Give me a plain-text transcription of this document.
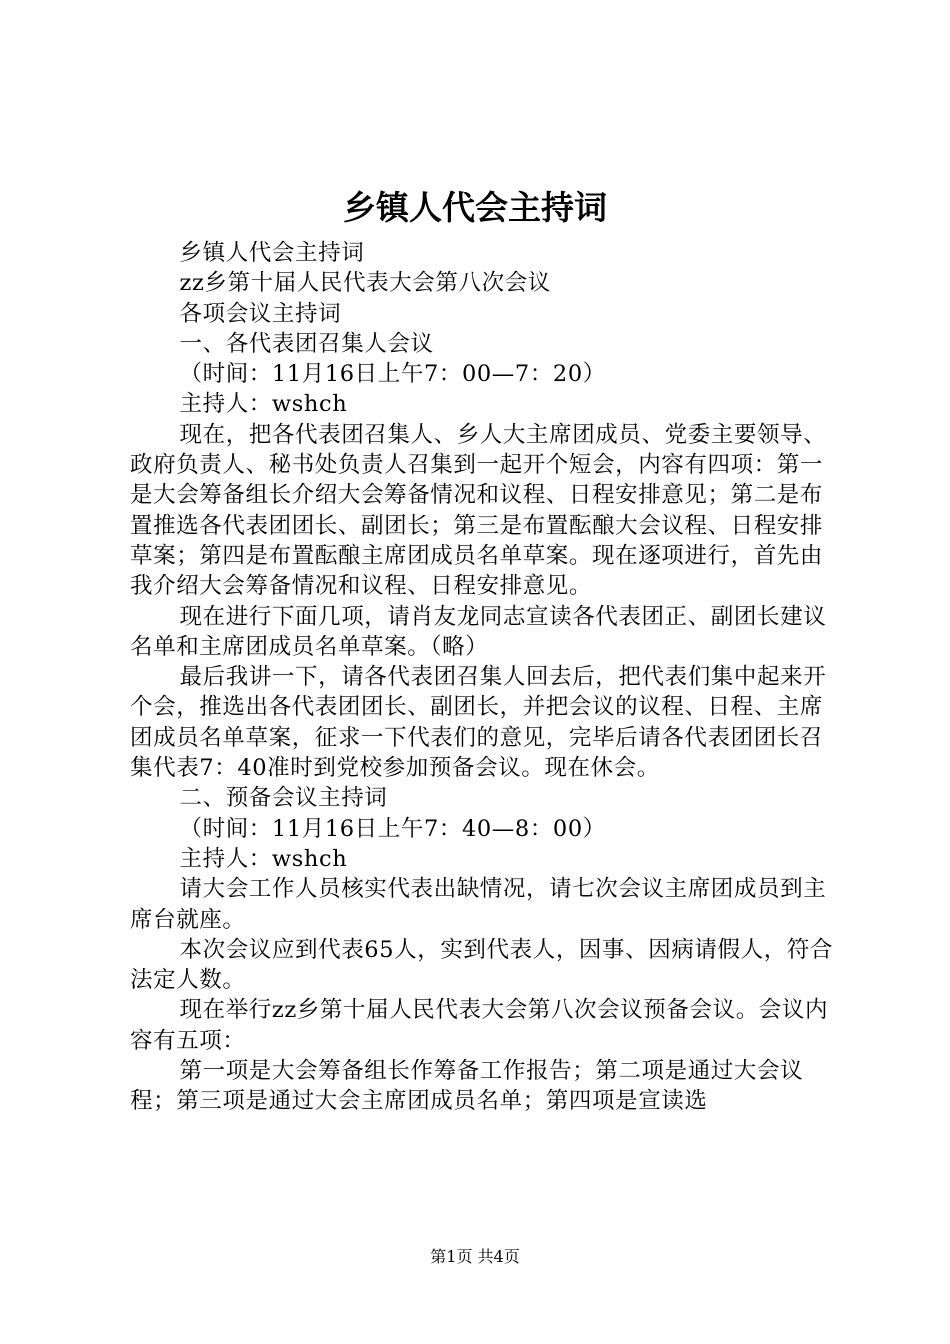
乡镇人代会主持词

乡镇人代会主持词

zz乡第十届人民代表大会第八次会议

各项会议主持词

一、各代表团召集人会议

（时间：11月16日上午7：00—7：20）

主持人：wshch

现在，把各代表团召集人、乡人大主席团成员、党委主要领导、政府负责人、秘书处负责人召集到一起开个短会，内容有四项：第一是大会筹备组长介绍大会筹备情况和议程、日程安排意见；第二是布置推选各代表团团长、副团长；第三是布置酝酿大会议程、日程安排草案；第四是布置酝酿主席团成员名单草案。现在逐项进行，首先由我介绍大会筹备情况和议程、日程安排意见。

现在进行下面几项，请肖友龙同志宣读各代表团正、副团长建议名单和主席团成员名单草案。（略）

最后我讲一下，请各代表团召集人回去后，把代表们集中起来开个会，推选出各代表团团长、副团长，并把会议的议程、日程、主席团成员名单草案，征求一下代表们的意见，完毕后请各代表团团长召集代表7：40准时到党校参加预备会议。现在休会。

二、预备会议主持词

（时间：11月16日上午7：40—8：00）

主持人：wshch

请大会工作人员核实代表出缺情况，请七次会议主席团成员到主席台就座。

本次会议应到代表65人，实到代表人，因事、因病请假人，符合法定人数。

现在举行zz乡第十届人民代表大会第八次会议预备会议。会议内容有五项：

第一项是大会筹备组长作筹备工作报告；第二项是通过大会议程；第三项是通过大会主席团成员名单；第四项是宣读选

第1页 共4页
